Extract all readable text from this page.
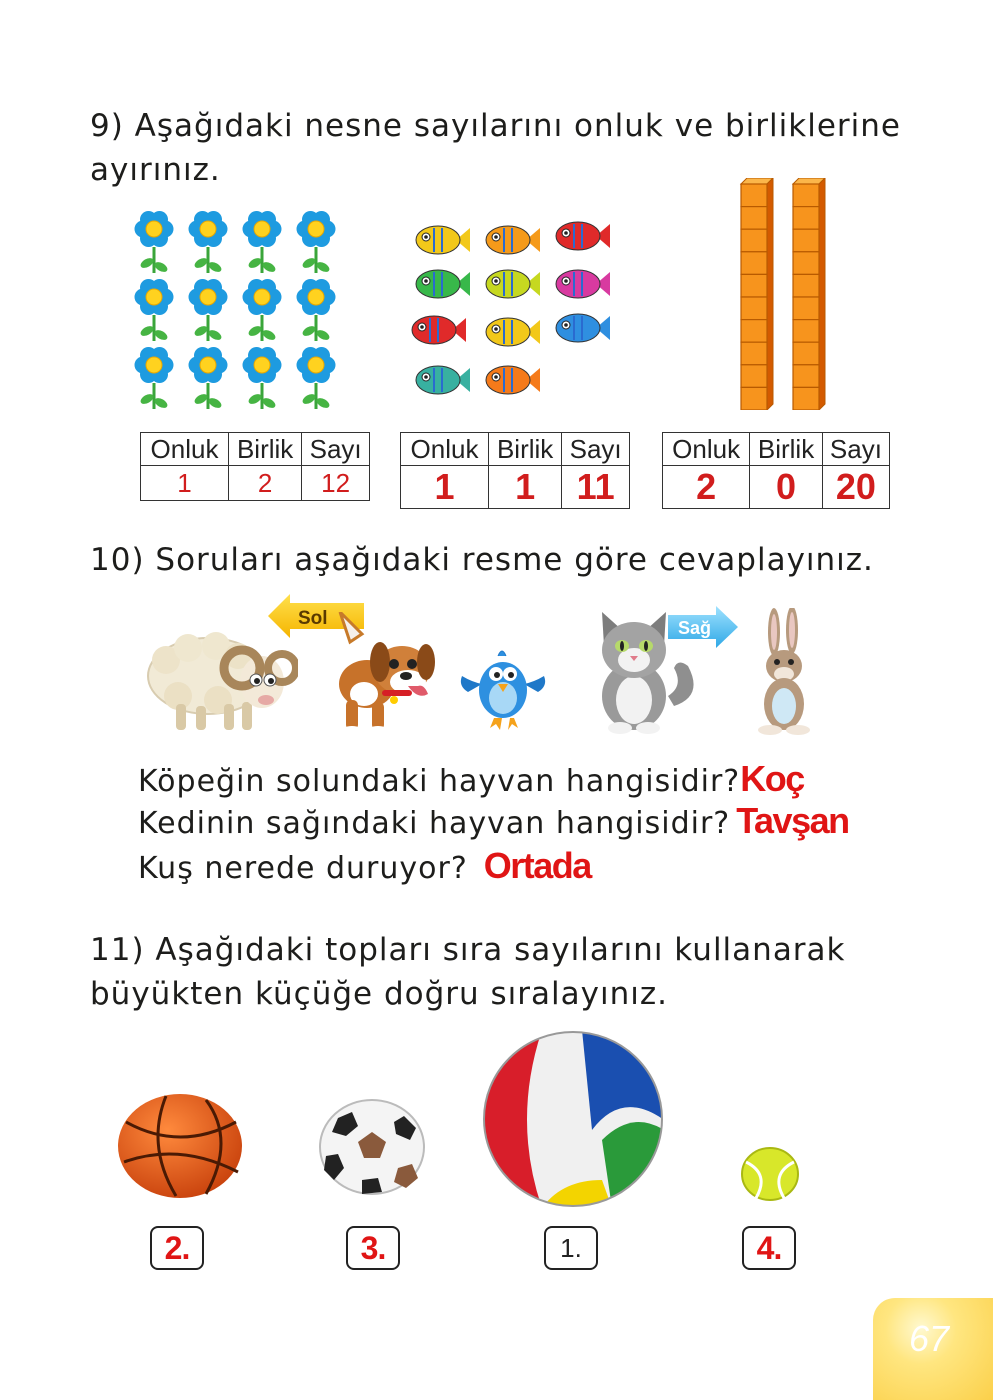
9) Aşağıdaki nesne sayılarını onluk ve birliklerine
ayırınız.
Onluk	Birlik	Sayı
1	2	12
Onluk	Birlik	Sayı
1	1	11
Onluk	Birlik	Sayı
2	0	20
10) Soruları aşağıdaki resme göre cevaplayınız.
Sol	Sağ
Köpeğin solundaki hayvan hangisidir?Koç
Kedinin sağındaki hayvan hangisidir? Tavşan
Kuş nerede duruyor? Ortada
11) Aşağıdaki topları sıra sayılarını kullanarak
büyükten küçüğe doğru sıralayınız.
2.	3.	1.	4.
67
